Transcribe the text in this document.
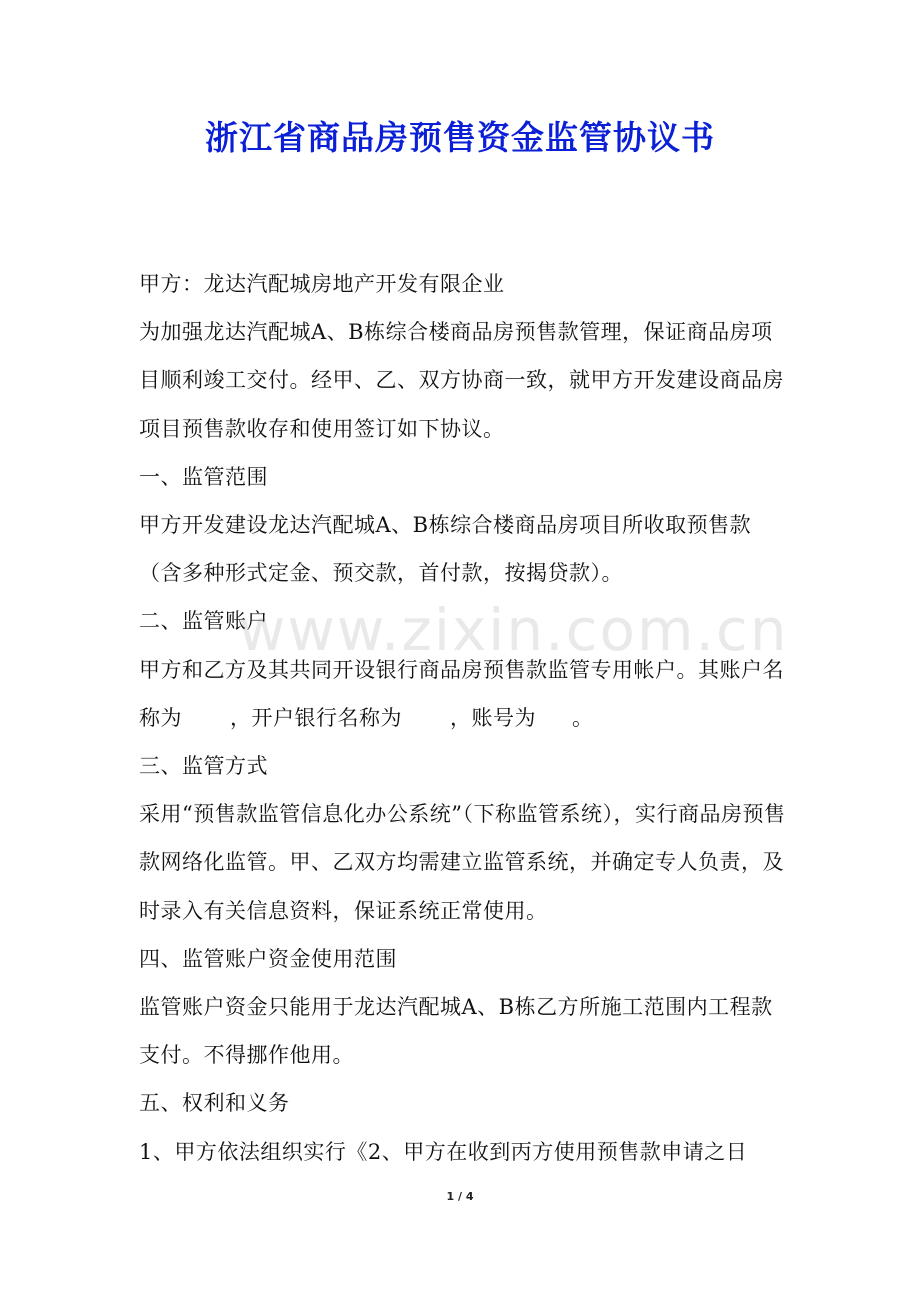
浙江省商品房预售资金监管协议书

甲方：龙达汽配城房地产开发有限企业

为加强龙达汽配城A、B栋综合楼商品房预售款管理，保证商品房项目顺利竣工交付。经甲、乙、双方协商一致，就甲方开发建设商品房项目预售款收存和使用签订如下协议。

一、监管范围

甲方开发建设龙达汽配城A、B栋综合楼商品房项目所收取预售款（含多种形式定金、预交款，首付款，按揭贷款）。

二、监管账户

甲方和乙方及其共同开设银行商品房预售款监管专用帐户。其账户名称为 ，开户银行名称为 ，账号为 。

三、监管方式

采用“预售款监管信息化办公系统”（下称监管系统），实行商品房预售款网络化监管。甲、乙双方均需建立监管系统，并确定专人负责，及时录入有关信息资料，保证系统正常使用。

四、监管账户资金使用范围

监管账户资金只能用于龙达汽配城A、B栋乙方所施工范围内工程款支付。不得挪作他用。

五、权利和义务

1、甲方依法组织实行《2、甲方在收到丙方使用预售款申请之日

www.zixin.com.cn
1 / 4
